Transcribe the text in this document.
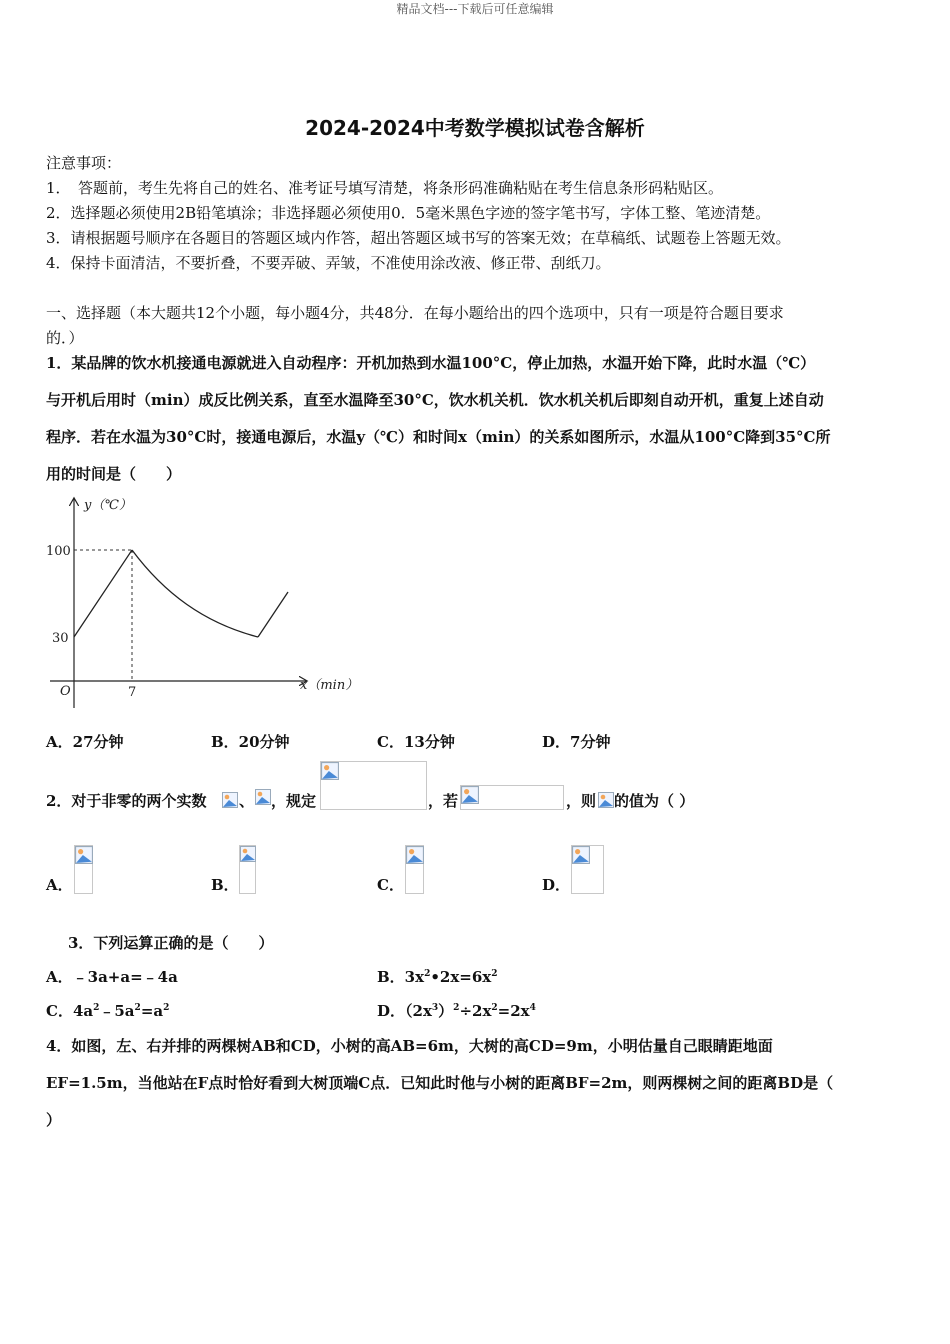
精品文档---下载后可任意编辑
2024-2024中考数学模拟试卷含解析
注意事项：
1．　答题前，考生先将自己的姓名、准考证号填写清楚，将条形码准确粘贴在考生信息条形码粘贴区。
2．选择题必须使用2B铅笔填涂；非选择题必须使用0．5毫米黑色字迹的签字笔书写，字体工整、笔迹清楚。
3．请根据题号顺序在各题目的答题区域内作答，超出答题区域书写的答案无效；在草稿纸、试题卷上答题无效。
4．保持卡面清洁，不要折叠，不要弄破、弄皱，不准使用涂改液、修正带、刮纸刀。
一、选择题（本大题共12个小题，每小题4分，共48分．在每小题给出的四个选项中，只有一项是符合题目要求
的．）
1．某品牌的饮水机接通电源就进入自动程序：开机加热到水温100°C，停止加热，水温开始下降，此时水温（℃）
与开机后用时（min）成反比例关系，直至水温降至30°C，饮水机关机．饮水机关机后即刻自动开机，重复上述自动
程序．若在水温为30°C时，接通电源后，水温y（℃）和时间x（min）的关系如图所示，水温从100°C降到35°C所
用的时间是（　　）
y（℃）
x（min）
O
100
30
7
A．27分钟	B．20分钟	C．13分钟	D．7分钟
2．对于非零的两个实数 、 ，规定	，若	，则 的值为（ ）
A．	B．	C．	D．
3．下列运算正确的是（　　）
A．﹣3a+a=﹣4a	B．$3x^2•2x=6x^2$
C．$4a^2﹣5a^2=a^2$	D．$(2x^3)^2\div 2x^2=2x^4$
4．如图，左、右并排的两棵树AB和CD，小树的高AB=6m，大树的高CD=9m，小明估量自己眼睛距地面
EF=1.5m，当他站在F点时恰好看到大树顶端C点．已知此时他与小树的距离BF=2m，则两棵树之间的距离BD是（
）
